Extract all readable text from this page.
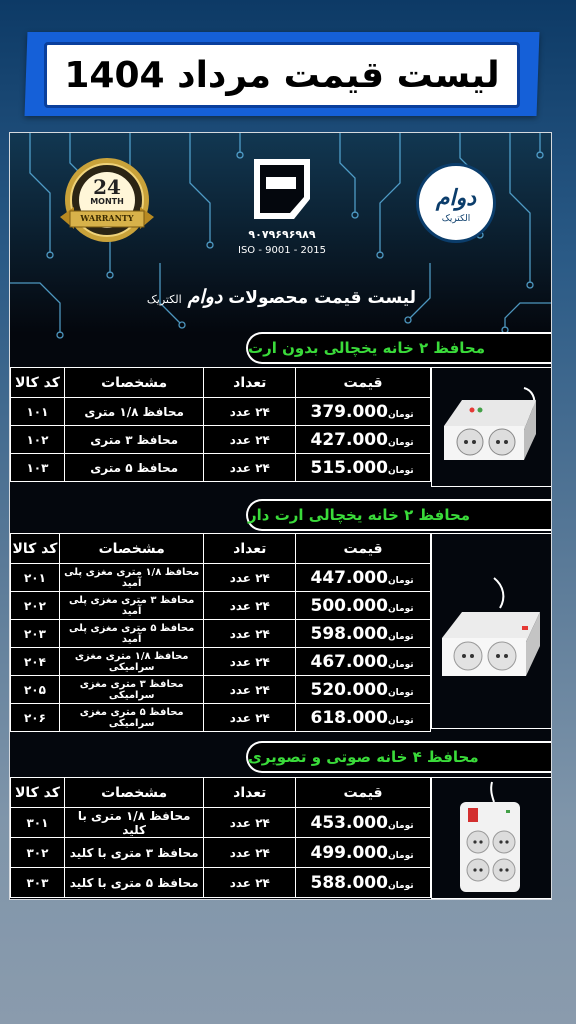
لیست قیمت مرداد 1404
24
MONTH
WARRANTY
۹۰۷۹۶۹۶۹۸۹
ISO - 9001 - 2015
دوام
الکتریک
لیست قیمت محصولات دوام الکتریک
محافظ ۲ خانه یخچالی بدون ارت
قیمت	تعداد	مشخصات	کد کالا
تومان379.000	۲۴ عدد	محافظ ۱/۸ متری	۱۰۱
تومان427.000	۲۴ عدد	محافظ ۳ متری	۱۰۲
تومان515.000	۲۴ عدد	محافظ ۵ متری	۱۰۳
محافظ ۲ خانه یخچالی ارت دار
قیمت	تعداد	مشخصات	کد کالا
تومان447.000	۲۴ عدد	محافظ ۱/۸ متری مغزی پلی آمید	۲۰۱
تومان500.000	۲۴ عدد	محافظ ۳ متری مغزی پلی آمید	۲۰۲
تومان598.000	۲۴ عدد	محافظ ۵ متری مغزی پلی آمید	۲۰۳
تومان467.000	۲۴ عدد	محافظ ۱/۸ متری مغزی سرامیکی	۲۰۴
تومان520.000	۲۴ عدد	محافظ ۳ متری مغزی سرامیکی	۲۰۵
تومان618.000	۲۴ عدد	محافظ ۵ متری مغزی سرامیکی	۲۰۶
محافظ ۴ خانه صوتی و تصویری
قیمت	تعداد	مشخصات	کد کالا
تومان453.000	۲۴ عدد	محافظ ۱/۸ متری با کلید	۳۰۱
تومان499.000	۲۴ عدد	محافظ ۳ متری با کلید	۳۰۲
تومان588.000	۲۴ عدد	محافظ ۵ متری با کلید	۳۰۳
